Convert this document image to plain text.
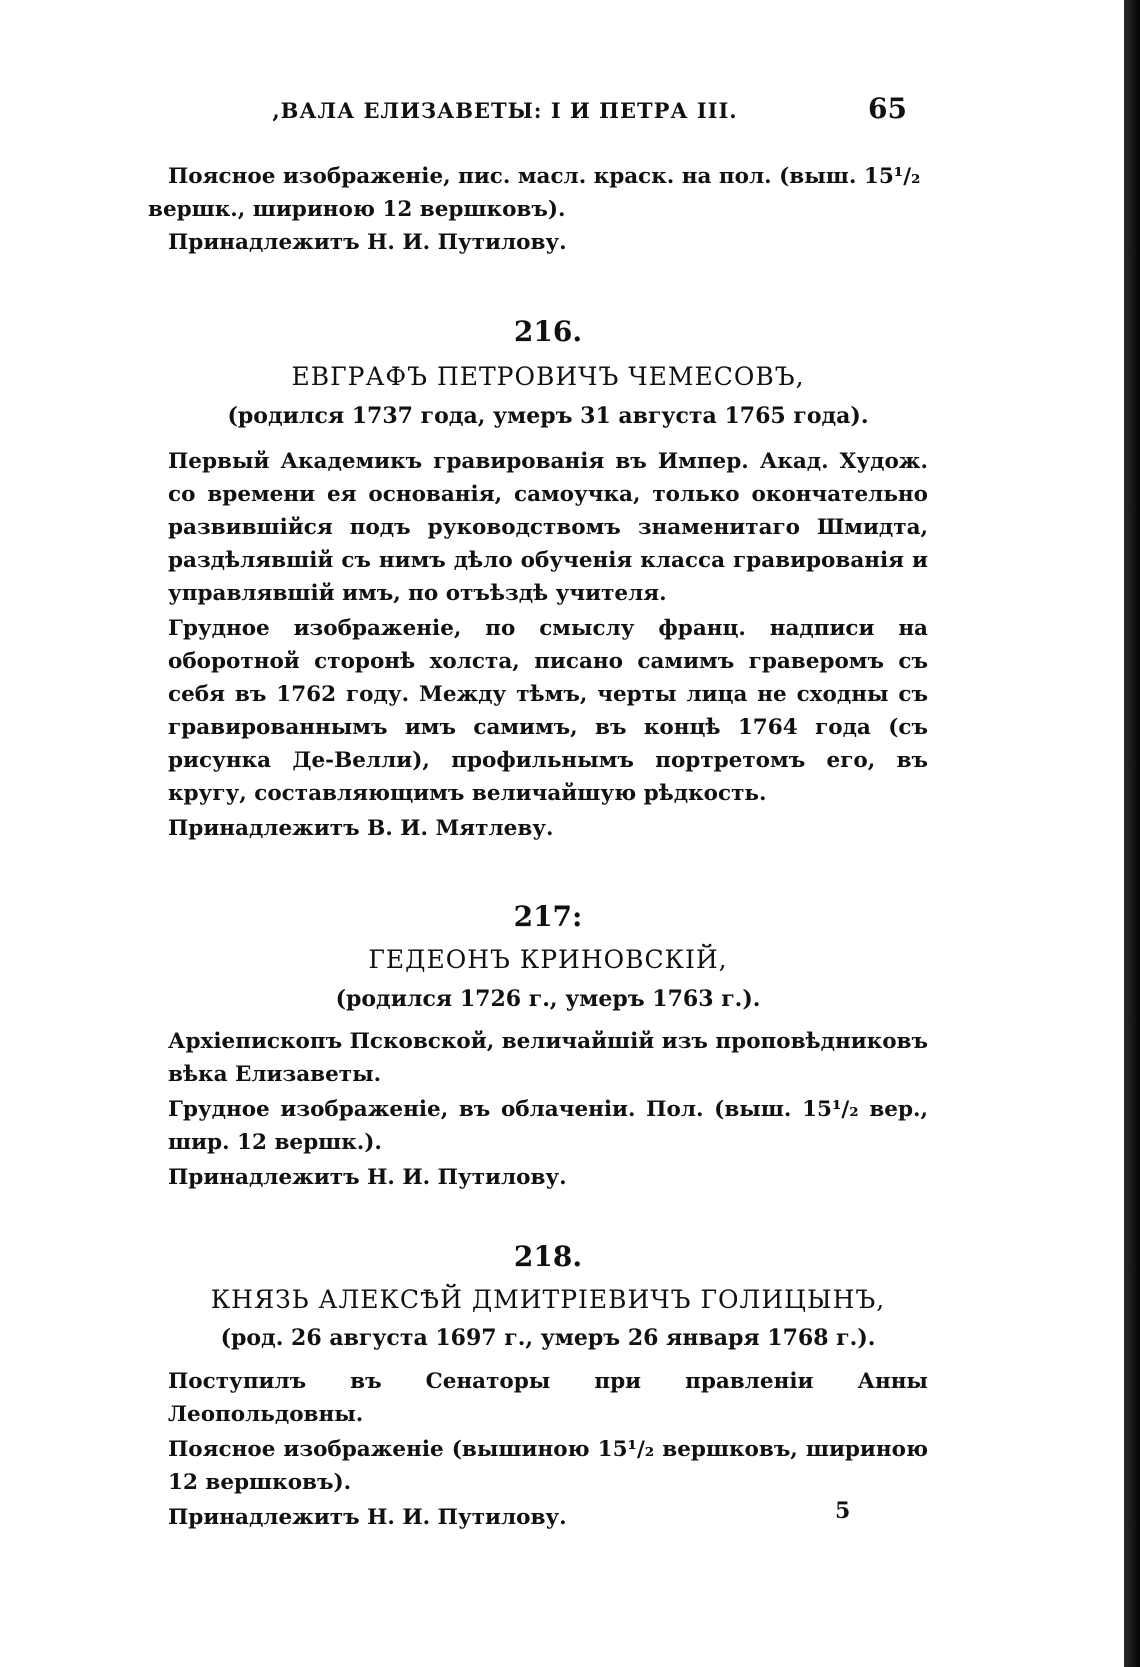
,ВАЛА ЕЛИЗАВЕТЫ: I И ПЕТРА III.	65

Поясное изображеніе, пис. масл. краск. на пол. (выш. 15¹/₂

вершк., шириною 12 вершковъ).

Принадлежитъ Н. И. Путилову.

216.
ЕВГРАФЪ ПЕТРОВИЧЪ ЧЕМЕСОВЪ,
(родился 1737 года, умеръ 31 августа 1765 года).

Первый Академикъ гравированія въ Импер. Акад. Худож. со времени ея основанія, самоучка, только окончательно развившійся подъ руководствомъ знаменитаго Шмидта, раздѣлявшій съ нимъ дѣло обученія класса гравированія и управлявшій имъ, по отъѣздѣ учителя.

Грудное изображеніе, по смыслу франц. надписи на оборотной сторонѣ холста, писано самимъ граверомъ съ себя въ 1762 году. Между тѣмъ, черты лица не сходны съ гравированнымъ имъ самимъ, въ концѣ 1764 года (съ рисунка Де-Велли), профильнымъ портретомъ его, въ кругу, составляющимъ величайшую рѣдкость.

Принадлежитъ В. И. Мятлеву.

217:
ГЕДЕОНЪ КРИНОВСКІЙ,
(родился 1726 г., умеръ 1763 г.).

Архіепископъ Псковской, величайшій изъ проповѣдниковъ вѣка Елизаветы.

Грудное изображеніе, въ облаченіи. Пол. (выш. 15¹/₂ вер., шир. 12 вершк.).

Принадлежитъ Н. И. Путилову.

218.
КНЯЗЬ АЛЕКСѢЙ ДМИТРІЕВИЧЪ ГОЛИЦЫНЪ,
(род. 26 августа 1697 г., умеръ 26 января 1768 г.).

Поступилъ въ Сенаторы при правленіи Анны Леопольдовны.

Поясное изображеніе (вышиною 15¹/₂ вершковъ, шириною 12 вершковъ).

Принадлежитъ Н. И. Путилову.	5
